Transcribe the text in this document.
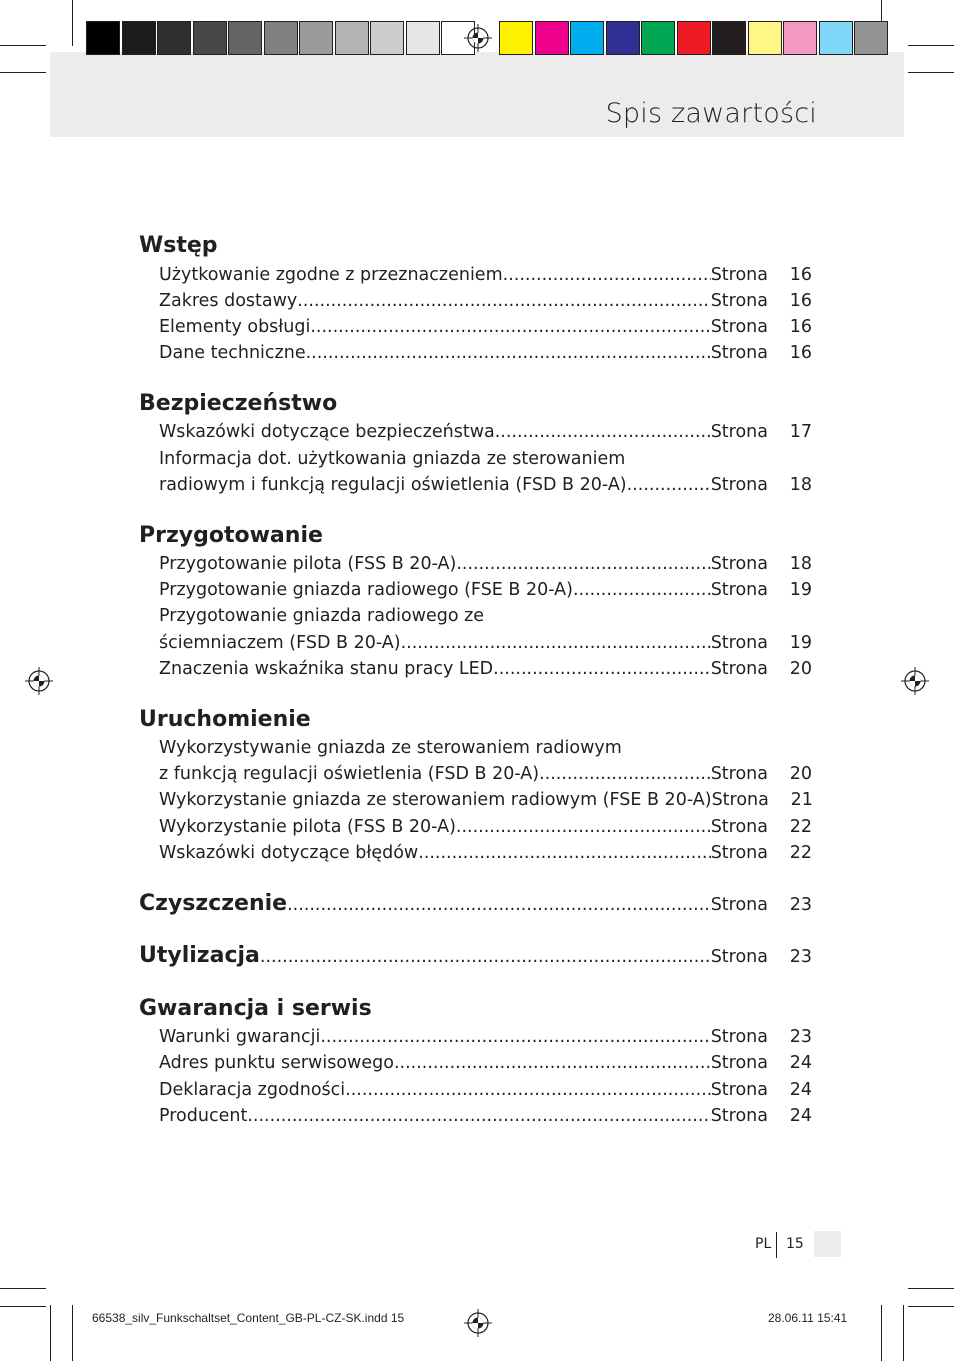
Spis zawartości
Wstęp
Użytkowanie zgodne z przeznaczeniem .....	Strona	16
Zakres dostawy .....	Strona	16
Elementy obsługi .....	Strona	16
Dane techniczne .....	Strona	16
Bezpieczeństwo
Wskazówki dotyczące bezpieczeństwa .....	Strona	17
Informacja dot. użytkowania gniazda ze sterowaniem
radiowym i funkcją regulacji oświetlenia (FSD B 20-A) .....	Strona	18
Przygotowanie
Przygotowanie pilota (FSS B 20-A) .....	Strona	18
Przygotowanie gniazda radiowego (FSE B 20-A) .....	Strona	19
Przygotowanie gniazda radiowego ze
ściemniaczem (FSD B 20-A) .....	Strona	19
Znaczenia wskaźnika stanu pracy LED .....	Strona	20
Uruchomienie
Wykorzystywanie gniazda ze sterowaniem radiowym
z funkcją regulacji oświetlenia (FSD B 20-A) .....	Strona	20
Wykorzystanie gniazda ze sterowaniem radiowym (FSE B 20-A) Strona	21
Wykorzystanie pilota (FSS B 20-A) .....	Strona	22
Wskazówki dotyczące błędów .....	Strona	22
Czyszczenie .....	Strona	23
Utylizacja .....	Strona	23
Gwarancja i serwis
Warunki gwarancji .....	Strona	23
Adres punktu serwisowego .....	Strona	24
Deklaracja zgodności .....	Strona	24
Producent .....	Strona	24
PL 15
66538_silv_Funkschaltset_Content_GB-PL-CZ-SK.indd 15	28.06.11 15:41
